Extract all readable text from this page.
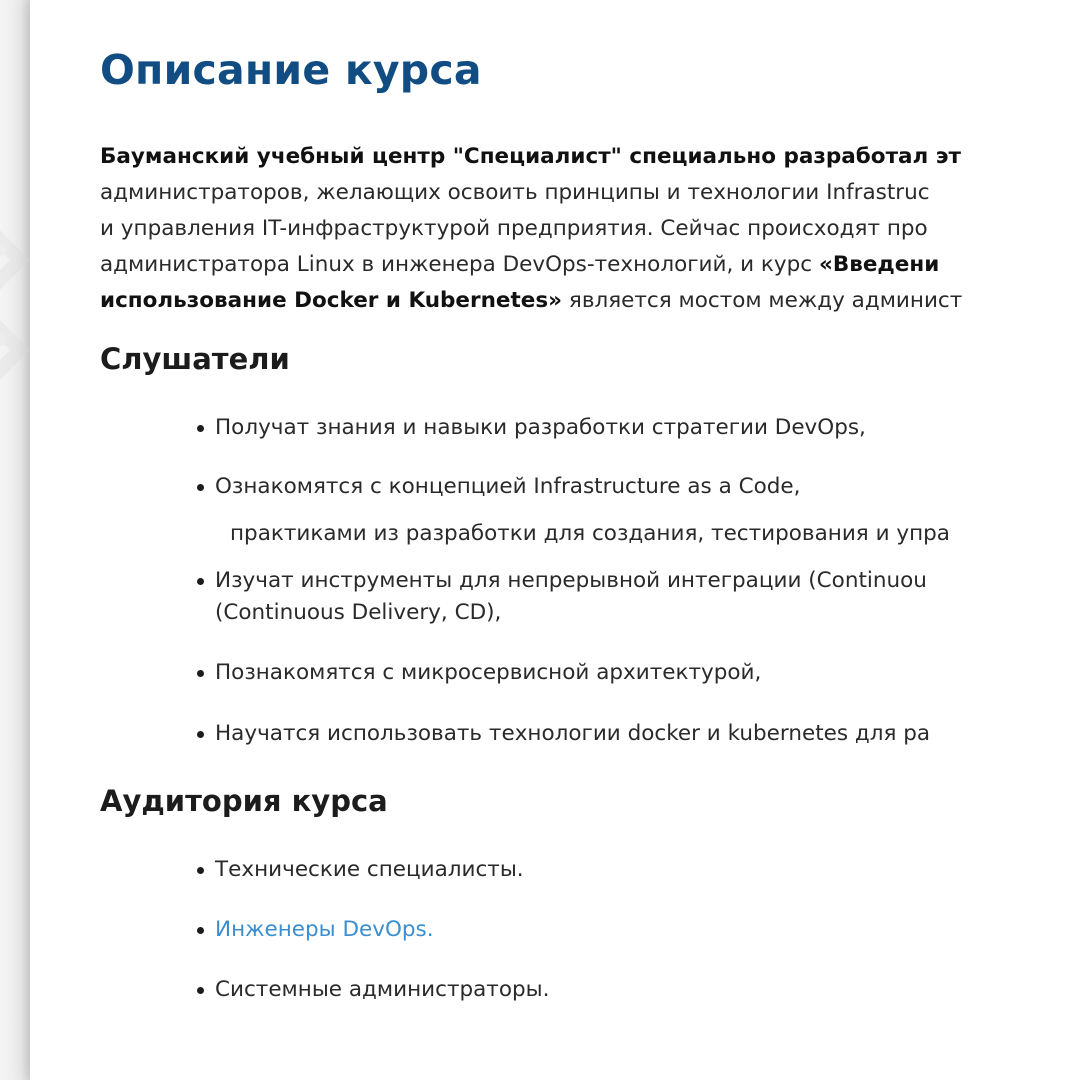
Описание курса

Бауманский учебный центр "Специалист" специально разработал эт
администраторов, желающих освоить принципы и технологии Infrastruc
и управления IT-инфраструктурой предприятия. Сейчас происходят про
администратора Linux в инженера DevOps-технологий, и курс «Введени
использование Docker и Kubernetes» является мостом между админист

Слушатели
Получат знания и навыки разработки стратегии DevOps,
Ознакомятся с концепцией Infrastructure as a Code,
Изучат инструменты для непрерывной интеграции (Continuou
(Continuous Delivery, CD),
Познакомятся с микросервисной архитектурой,
Научатся использовать технологии docker и kubernetes для ра
практиками из разработки для создания, тестирования и упра
Аудитория курса
Технические специалисты.
Инженеры DevOps.
Системные администраторы.
